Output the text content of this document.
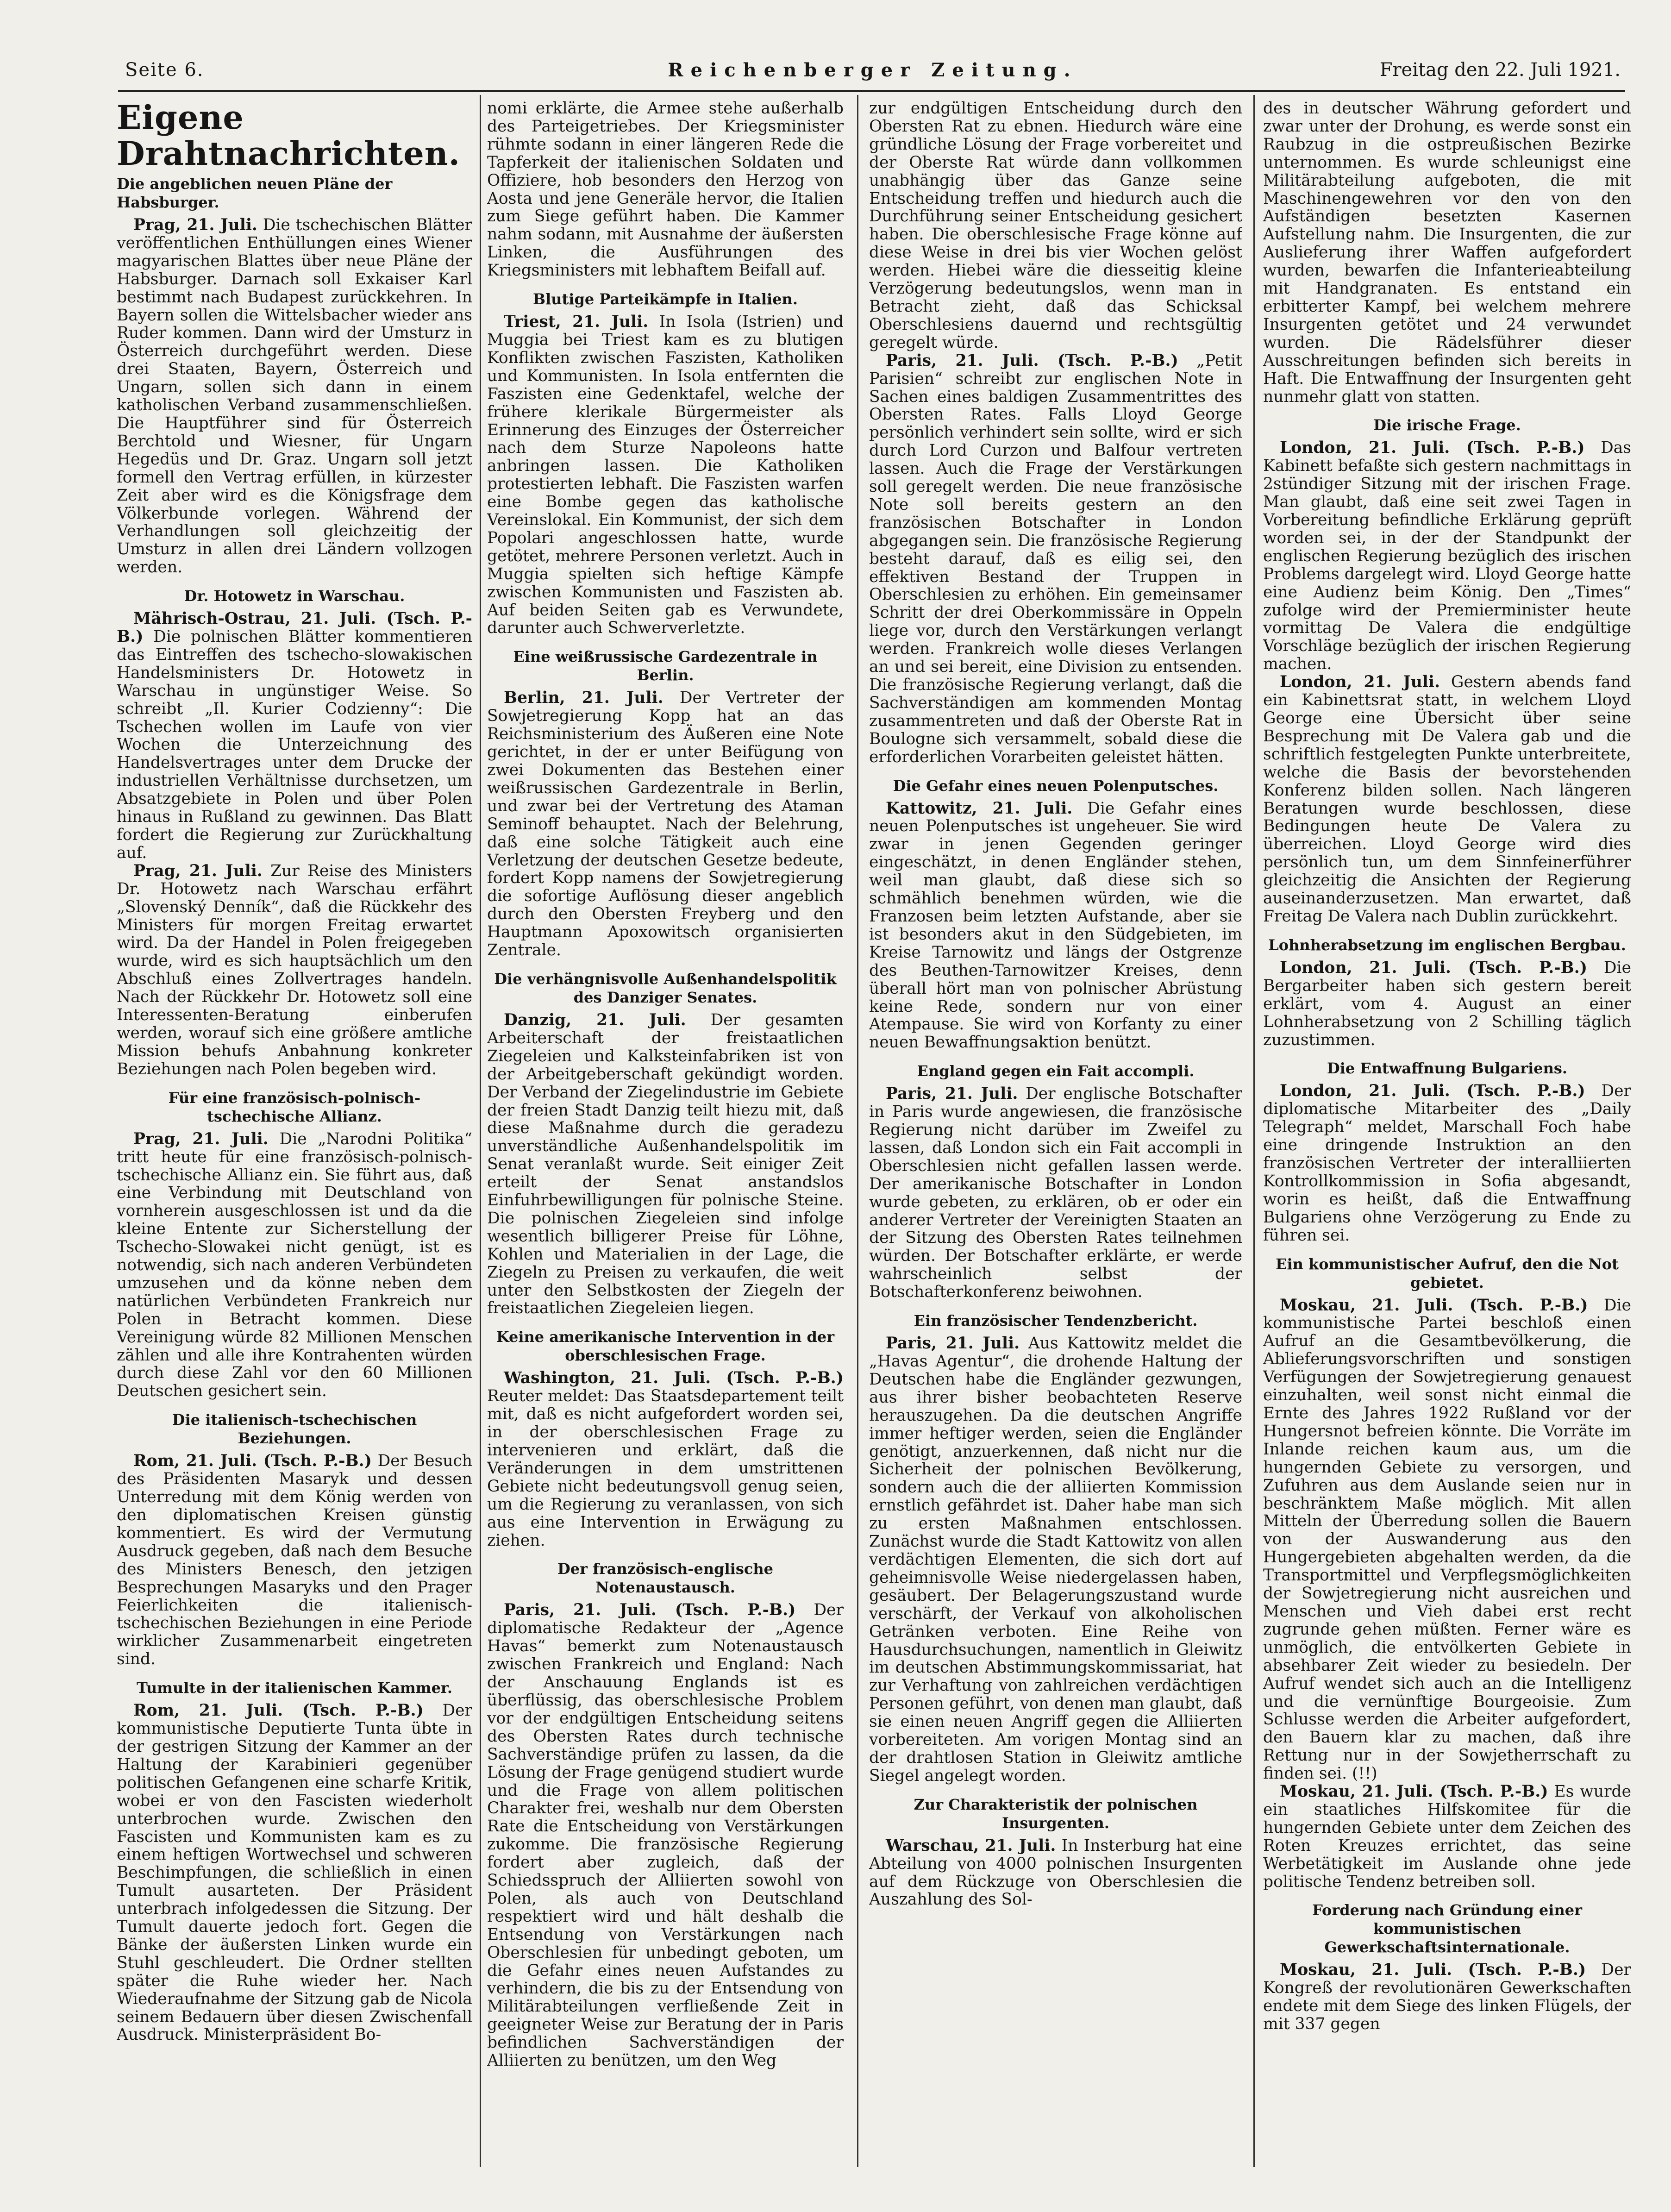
Seite 6.	Reichenberger Zeitung.	Freitag den 22. Juli 1921.
Eigene Drahtnachrichten.
Die angeblichen neuen Pläne der Habsburger.

Prag, 21. Juli. Die tschechischen Blätter veröffentlichen Enthüllungen eines Wiener magyarischen Blattes über neue Pläne der Habsburger. Darnach soll Exkaiser Karl bestimmt nach Budapest zurückkehren. In Bayern sollen die Wittelsbacher wieder ans Ruder kommen. Dann wird der Umsturz in Österreich durchgeführt werden. Diese drei Staaten, Bayern, Österreich und Ungarn, sollen sich dann in einem katholischen Verband zusammenschließen. Die Hauptführer sind für Österreich Berchtold und Wiesner, für Ungarn Hegedüs und Dr. Graz. Ungarn soll jetzt formell den Vertrag erfüllen, in kürzester Zeit aber wird es die Königsfrage dem Völkerbunde vorlegen. Während der Verhandlungen soll gleichzeitig der Umsturz in allen drei Ländern vollzogen werden.

Dr. Hotowetz in Warschau.

Mährisch-Ostrau, 21. Juli. (Tsch. P.-B.) Die polnischen Blätter kommentieren das Eintreffen des tschecho-slowakischen Handelsministers Dr. Hotowetz in Warschau in ungünstiger Weise. So schreibt „Il. Kurier Codzienny“: Die Tschechen wollen im Laufe von vier Wochen die Unterzeichnung des Handelsvertrages unter dem Drucke der industriellen Verhältnisse durchsetzen, um Absatzgebiete in Polen und über Polen hinaus in Rußland zu gewinnen. Das Blatt fordert die Regierung zur Zurückhaltung auf.

Prag, 21. Juli. Zur Reise des Ministers Dr. Hotowetz nach Warschau erfährt „Slovenský Denník“, daß die Rückkehr des Ministers für morgen Freitag erwartet wird. Da der Handel in Polen freigegeben wurde, wird es sich hauptsächlich um den Abschluß eines Zollvertrages handeln. Nach der Rückkehr Dr. Hotowetz soll eine Interessenten-Beratung einberufen werden, worauf sich eine größere amtliche Mission behufs Anbahnung konkreter Beziehungen nach Polen begeben wird.

Für eine französisch-polnisch-tschechische Allianz.

Prag, 21. Juli. Die „Narodni Politika“ tritt heute für eine französisch-polnisch-tschechische Allianz ein. Sie führt aus, daß eine Verbindung mit Deutschland von vornherein ausgeschlossen ist und da die kleine Entente zur Sicherstellung der Tschecho-Slowakei nicht genügt, ist es notwendig, sich nach anderen Verbündeten umzusehen und da könne neben dem natürlichen Verbündeten Frankreich nur Polen in Betracht kommen. Diese Vereinigung würde 82 Millionen Menschen zählen und alle ihre Kontrahenten würden durch diese Zahl vor den 60 Millionen Deutschen gesichert sein.

Die italienisch-tschechischen Beziehungen.

Rom, 21. Juli. (Tsch. P.-B.) Der Besuch des Präsidenten Masaryk und dessen Unterredung mit dem König werden von den diplomatischen Kreisen günstig kommentiert. Es wird der Vermutung Ausdruck gegeben, daß nach dem Besuche des Ministers Benesch, den jetzigen Besprechungen Masaryks und den Prager Feierlichkeiten die italienisch-tschechischen Beziehungen in eine Periode wirklicher Zusammenarbeit eingetreten sind.

Tumulte in der italienischen Kammer.

Rom, 21. Juli. (Tsch. P.-B.) Der kommunistische Deputierte Tunta übte in der gestrigen Sitzung der Kammer an der Haltung der Karabinieri gegenüber politischen Gefangenen eine scharfe Kritik, wobei er von den Fascisten wiederholt unterbrochen wurde. Zwischen den Fascisten und Kommunisten kam es zu einem heftigen Wortwechsel und schweren Beschimpfungen, die schließlich in einen Tumult ausarteten. Der Präsident unterbrach infolgedessen die Sitzung. Der Tumult dauerte jedoch fort. Gegen die Bänke der äußersten Linken wurde ein Stuhl geschleudert. Die Ordner stellten später die Ruhe wieder her. Nach Wiederaufnahme der Sitzung gab de Nicola seinem Bedauern über diesen Zwischenfall Ausdruck. Ministerpräsident Bo-

nomi erklärte, die Armee stehe außerhalb des Parteigetriebes. Der Kriegsminister rühmte sodann in einer längeren Rede die Tapferkeit der italienischen Soldaten und Offiziere, hob besonders den Herzog von Aosta und jene Generäle hervor, die Italien zum Siege geführt haben. Die Kammer nahm sodann, mit Ausnahme der äußersten Linken, die Ausführungen des Kriegsministers mit lebhaftem Beifall auf.

Blutige Parteikämpfe in Italien.

Triest, 21. Juli. In Isola (Istrien) und Muggia bei Triest kam es zu blutigen Konflikten zwischen Faszisten, Katholiken und Kommunisten. In Isola entfernten die Faszisten eine Gedenktafel, welche der frühere klerikale Bürgermeister als Erinnerung des Einzuges der Österreicher nach dem Sturze Napoleons hatte anbringen lassen. Die Katholiken protestierten lebhaft. Die Faszisten warfen eine Bombe gegen das katholische Vereinslokal. Ein Kommunist, der sich dem Popolari angeschlossen hatte, wurde getötet, mehrere Personen verletzt. Auch in Muggia spielten sich heftige Kämpfe zwischen Kommunisten und Faszisten ab. Auf beiden Seiten gab es Verwundete, darunter auch Schwerverletzte.

Eine weißrussische Gardezentrale in Berlin.

Berlin, 21. Juli. Der Vertreter der Sowjetregierung Kopp hat an das Reichsministerium des Äußeren eine Note gerichtet, in der er unter Beifügung von zwei Dokumenten das Bestehen einer weißrussischen Gardezentrale in Berlin, und zwar bei der Vertretung des Ataman Seminoff behauptet. Nach der Belehrung, daß eine solche Tätigkeit auch eine Verletzung der deutschen Gesetze bedeute, fordert Kopp namens der Sowjetregierung die sofortige Auflösung dieser angeblich durch den Obersten Freyberg und den Hauptmann Apoxowitsch organisierten Zentrale.

Die verhängnisvolle Außenhandelspolitik des Danziger Senates.

Danzig, 21. Juli. Der gesamten Arbeiterschaft der freistaatlichen Ziegeleien und Kalksteinfabriken ist von der Arbeitgeberschaft gekündigt worden. Der Verband der Ziegelindustrie im Gebiete der freien Stadt Danzig teilt hiezu mit, daß diese Maßnahme durch die geradezu unverständliche Außenhandelspolitik im Senat veranlaßt wurde. Seit einiger Zeit erteilt der Senat anstandslos Einfuhrbewilligungen für polnische Steine. Die polnischen Ziegeleien sind infolge wesentlich billigerer Preise für Löhne, Kohlen und Materialien in der Lage, die Ziegeln zu Preisen zu verkaufen, die weit unter den Selbstkosten der Ziegeln der freistaatlichen Ziegeleien liegen.

Keine amerikanische Intervention in der oberschlesischen Frage.

Washington, 21. Juli. (Tsch. P.-B.) Reuter meldet: Das Staatsdepartement teilt mit, daß es nicht aufgefordert worden sei, in der oberschlesischen Frage zu intervenieren und erklärt, daß die Veränderungen in dem umstrittenen Gebiete nicht bedeutungsvoll genug seien, um die Regierung zu veranlassen, von sich aus eine Intervention in Erwägung zu ziehen.

Der französisch-englische Notenaustausch.

Paris, 21. Juli. (Tsch. P.-B.) Der diplomatische Redakteur der „Agence Havas“ bemerkt zum Notenaustausch zwischen Frankreich und England: Nach der Anschauung Englands ist es überflüssig, das oberschlesische Problem vor der endgültigen Entscheidung seitens des Obersten Rates durch technische Sachverständige prüfen zu lassen, da die Lösung der Frage genügend studiert wurde und die Frage von allem politischen Charakter frei, weshalb nur dem Obersten Rate die Entscheidung von Verstärkungen zukomme. Die französische Regierung fordert aber zugleich, daß der Schiedsspruch der Alliierten sowohl von Polen, als auch von Deutschland respektiert wird und hält deshalb die Entsendung von Verstärkungen nach Oberschlesien für unbedingt geboten, um die Gefahr eines neuen Aufstandes zu verhindern, die bis zu der Entsendung von Militärabteilungen verfließende Zeit in geeigneter Weise zur Beratung der in Paris befindlichen Sachverständigen der Alliierten zu benützen, um den Weg

zur endgültigen Entscheidung durch den Obersten Rat zu ebnen. Hiedurch wäre eine gründliche Lösung der Frage vorbereitet und der Oberste Rat würde dann vollkommen unabhängig über das Ganze seine Entscheidung treffen und hiedurch auch die Durchführung seiner Entscheidung gesichert haben. Die oberschlesische Frage könne auf diese Weise in drei bis vier Wochen gelöst werden. Hiebei wäre die diesseitig kleine Verzögerung bedeutungslos, wenn man in Betracht zieht, daß das Schicksal Oberschlesiens dauernd und rechtsgültig geregelt würde.

Paris, 21. Juli. (Tsch. P.-B.) „Petit Parisien“ schreibt zur englischen Note in Sachen eines baldigen Zusammentrittes des Obersten Rates. Falls Lloyd George persönlich verhindert sein sollte, wird er sich durch Lord Curzon und Balfour vertreten lassen. Auch die Frage der Verstärkungen soll geregelt werden. Die neue französische Note soll bereits gestern an den französischen Botschafter in London abgegangen sein. Die französische Regierung besteht darauf, daß es eilig sei, den effektiven Bestand der Truppen in Oberschlesien zu erhöhen. Ein gemeinsamer Schritt der drei Oberkommissäre in Oppeln liege vor, durch den Verstärkungen verlangt werden. Frankreich wolle dieses Verlangen an und sei bereit, eine Division zu entsenden. Die französische Regierung verlangt, daß die Sachverständigen am kommenden Montag zusammentreten und daß der Oberste Rat in Boulogne sich versammelt, sobald diese die erforderlichen Vorarbeiten geleistet hätten.

Die Gefahr eines neuen Polenputsches.

Kattowitz, 21. Juli. Die Gefahr eines neuen Polenputsches ist ungeheuer. Sie wird zwar in jenen Gegenden geringer eingeschätzt, in denen Engländer stehen, weil man glaubt, daß diese sich so schmählich benehmen würden, wie die Franzosen beim letzten Aufstande, aber sie ist besonders akut in den Südgebieten, im Kreise Tarnowitz und längs der Ostgrenze des Beuthen-Tarnowitzer Kreises, denn überall hört man von polnischer Abrüstung keine Rede, sondern nur von einer Atempause. Sie wird von Korfanty zu einer neuen Bewaffnungsaktion benützt.

England gegen ein Fait accompli.

Paris, 21. Juli. Der englische Botschafter in Paris wurde angewiesen, die französische Regierung nicht darüber im Zweifel zu lassen, daß London sich ein Fait accompli in Oberschlesien nicht gefallen lassen werde. Der amerikanische Botschafter in London wurde gebeten, zu erklären, ob er oder ein anderer Vertreter der Vereinigten Staaten an der Sitzung des Obersten Rates teilnehmen würden. Der Botschafter erklärte, er werde wahrscheinlich selbst der Botschafterkonferenz beiwohnen.

Ein französischer Tendenzbericht.

Paris, 21. Juli. Aus Kattowitz meldet die „Havas Agentur“, die drohende Haltung der Deutschen habe die Engländer gezwungen, aus ihrer bisher beobachteten Reserve herauszugehen. Da die deutschen Angriffe immer heftiger werden, seien die Engländer genötigt, anzuerkennen, daß nicht nur die Sicherheit der polnischen Bevölkerung, sondern auch die der alliierten Kommission ernstlich gefährdet ist. Daher habe man sich zu ersten Maßnahmen entschlossen. Zunächst wurde die Stadt Kattowitz von allen verdächtigen Elementen, die sich dort auf geheimnisvolle Weise niedergelassen haben, gesäubert. Der Belagerungszustand wurde verschärft, der Verkauf von alkoholischen Getränken verboten. Eine Reihe von Hausdurchsuchungen, namentlich in Gleiwitz im deutschen Abstimmungskommissariat, hat zur Verhaftung von zahlreichen verdächtigen Personen geführt, von denen man glaubt, daß sie einen neuen Angriff gegen die Alliierten vorbereiteten. Am vorigen Montag sind an der drahtlosen Station in Gleiwitz amtliche Siegel angelegt worden.

Zur Charakteristik der polnischen Insurgenten.

Warschau, 21. Juli. In Insterburg hat eine Abteilung von 4000 polnischen Insurgenten auf dem Rückzuge von Oberschlesien die Auszahlung des Sol-

des in deutscher Währung gefordert und zwar unter der Drohung, es werde sonst ein Raubzug in die ostpreußischen Bezirke unternommen. Es wurde schleunigst eine Militärabteilung aufgeboten, die mit Maschinengewehren vor den von den Aufständigen besetzten Kasernen Aufstellung nahm. Die Insurgenten, die zur Auslieferung ihrer Waffen aufgefordert wurden, bewarfen die Infanterieabteilung mit Handgranaten. Es entstand ein erbitterter Kampf, bei welchem mehrere Insurgenten getötet und 24 verwundet wurden. Die Rädelsführer dieser Ausschreitungen befinden sich bereits in Haft. Die Entwaffnung der Insurgenten geht nunmehr glatt von statten.

Die irische Frage.

London, 21. Juli. (Tsch. P.-B.) Das Kabinett befaßte sich gestern nachmittags in 2stündiger Sitzung mit der irischen Frage. Man glaubt, daß eine seit zwei Tagen in Vorbereitung befindliche Erklärung geprüft worden sei, in der der Standpunkt der englischen Regierung bezüglich des irischen Problems dargelegt wird. Lloyd George hatte eine Audienz beim König. Den „Times“ zufolge wird der Premierminister heute vormittag De Valera die endgültige Vorschläge bezüglich der irischen Regierung machen.

London, 21. Juli. Gestern abends fand ein Kabinettsrat statt, in welchem Lloyd George eine Übersicht über seine Besprechung mit De Valera gab und die schriftlich festgelegten Punkte unterbreitete, welche die Basis der bevorstehenden Konferenz bilden sollen. Nach längeren Beratungen wurde beschlossen, diese Bedingungen heute De Valera zu überreichen. Lloyd George wird dies persönlich tun, um dem Sinnfeinerführer gleichzeitig die Ansichten der Regierung auseinanderzusetzen. Man erwartet, daß Freitag De Valera nach Dublin zurückkehrt.

Lohnherabsetzung im englischen Bergbau.

London, 21. Juli. (Tsch. P.-B.) Die Bergarbeiter haben sich gestern bereit erklärt, vom 4. August an einer Lohnherabsetzung von 2 Schilling täglich zuzustimmen.

Die Entwaffnung Bulgariens.

London, 21. Juli. (Tsch. P.-B.) Der diplomatische Mitarbeiter des „Daily Telegraph“ meldet, Marschall Foch habe eine dringende Instruktion an den französischen Vertreter der interalliierten Kontrollkommission in Sofia abgesandt, worin es heißt, daß die Entwaffnung Bulgariens ohne Verzögerung zu Ende zu führen sei.

Ein kommunistischer Aufruf, den die Not gebietet.

Moskau, 21. Juli. (Tsch. P.-B.) Die kommunistische Partei beschloß einen Aufruf an die Gesamtbevölkerung, die Ablieferungsvorschriften und sonstigen Verfügungen der Sowjetregierung genauest einzuhalten, weil sonst nicht einmal die Ernte des Jahres 1922 Rußland vor der Hungersnot befreien könnte. Die Vorräte im Inlande reichen kaum aus, um die hungernden Gebiete zu versorgen, und Zufuhren aus dem Auslande seien nur in beschränktem Maße möglich. Mit allen Mitteln der Überredung sollen die Bauern von der Auswanderung aus den Hungergebieten abgehalten werden, da die Transportmittel und Verpflegsmöglichkeiten der Sowjetregierung nicht ausreichen und Menschen und Vieh dabei erst recht zugrunde gehen müßten. Ferner wäre es unmöglich, die entvölkerten Gebiete in absehbarer Zeit wieder zu besiedeln. Der Aufruf wendet sich auch an die Intelligenz und die vernünftige Bourgeoisie. Zum Schlusse werden die Arbeiter aufgefordert, den Bauern klar zu machen, daß ihre Rettung nur in der Sowjetherrschaft zu finden sei. (!!)

Moskau, 21. Juli. (Tsch. P.-B.) Es wurde ein staatliches Hilfskomitee für die hungernden Gebiete unter dem Zeichen des Roten Kreuzes errichtet, das seine Werbetätigkeit im Auslande ohne jede politische Tendenz betreiben soll.

Forderung nach Gründung einer kommunistischen Gewerkschaftsinternationale.

Moskau, 21. Juli. (Tsch. P.-B.) Der Kongreß der revolutionären Gewerkschaften endete mit dem Siege des linken Flügels, der mit 337 gegen
